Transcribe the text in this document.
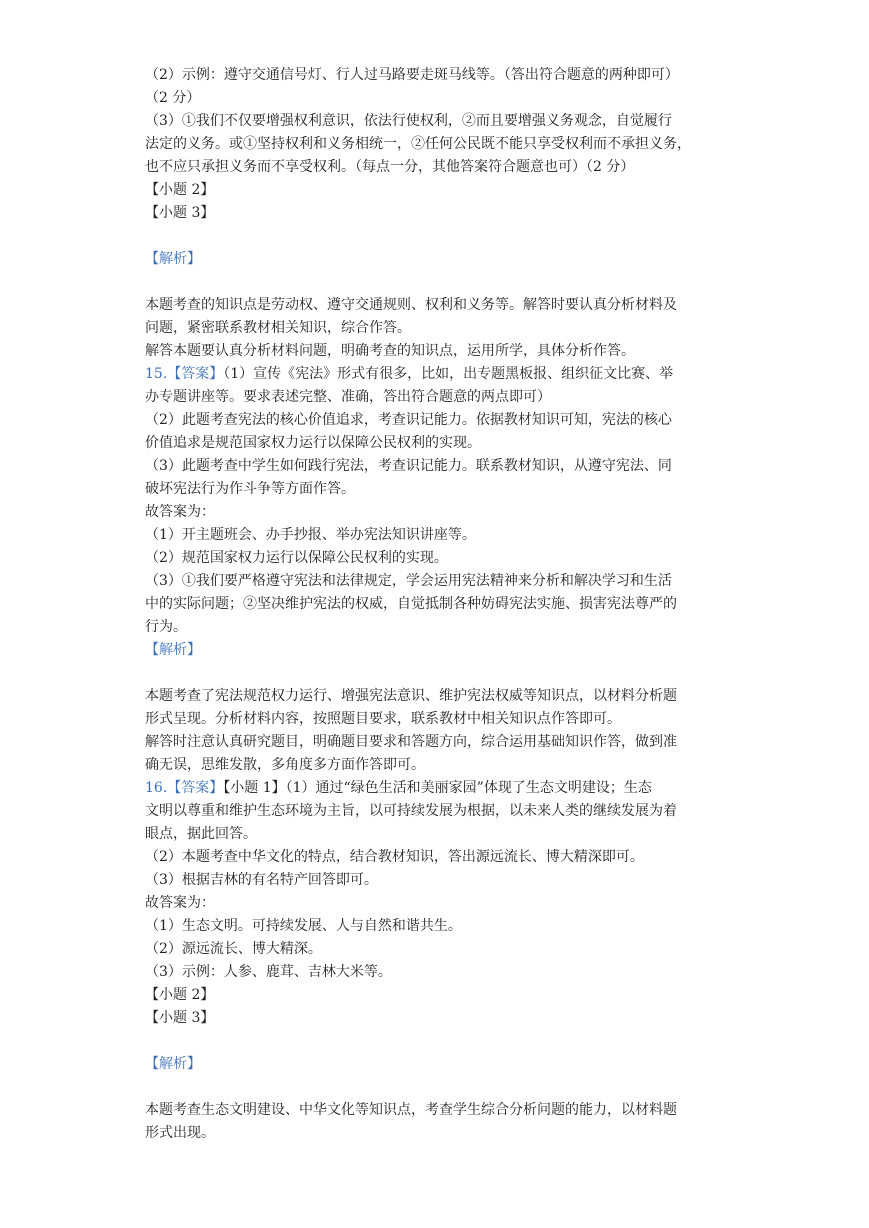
（2）示例：遵守交通信号灯、行人过马路要走斑马线等。（答出符合题意的两种即可）
（2 分）
（3）①我们不仅要增强权利意识，依法行使权利，②而且要增强义务观念，自觉履行
法定的义务。或①坚持权利和义务相统一，②任何公民既不能只享受权利而不承担义务，
也不应只承担义务而不享受权利。（每点一分，其他答案符合题意也可）（2 分）
【小题 2】
【小题 3】
【解析】
本题考查的知识点是劳动权、遵守交通规则、权利和义务等。解答时要认真分析材料及
问题，紧密联系教材相关知识，综合作答。
解答本题要认真分析材料问题，明确考查的知识点，运用所学，具体分析作答。
15.【答案】（1）宣传《宪法》形式有很多，比如，出专题黑板报、组织征文比赛、举
办专题讲座等。要求表述完整、准确，答出符合题意的两点即可）
（2）此题考查宪法的核心价值追求，考查识记能力。依据教材知识可知，宪法的核心
价值追求是规范国家权力运行以保障公民权利的实现。
（3）此题考查中学生如何践行宪法，考查识记能力。联系教材知识，从遵守宪法、同
破坏宪法行为作斗争等方面作答。
故答案为：
（1）开主题班会、办手抄报、举办宪法知识讲座等。
（2）规范国家权力运行以保障公民权利的实现。
（3）①我们要严格遵守宪法和法律规定，学会运用宪法精神来分析和解决学习和生活
中的实际问题；②坚决维护宪法的权威，自觉抵制各种妨碍宪法实施、损害宪法尊严的
行为。
【解析】
本题考查了宪法规范权力运行、增强宪法意识、维护宪法权威等知识点，以材料分析题
形式呈现。分析材料内容，按照题目要求，联系教材中相关知识点作答即可。
解答时注意认真研究题目，明确题目要求和答题方向，综合运用基础知识作答，做到准
确无误，思维发散，多角度多方面作答即可。
16.【答案】【小题 1】（1）通过“绿色生活和美丽家园”体现了生态文明建设；生态
文明以尊重和维护生态环境为主旨，以可持续发展为根据，以未来人类的继续发展为着
眼点，据此回答。
（2）本题考查中华文化的特点，结合教材知识，答出源远流长、博大精深即可。
（3）根据吉林的有名特产回答即可。
故答案为：
（1）生态文明。可持续发展、人与自然和谐共生。
（2）源远流长、博大精深。
（3）示例：人参、鹿茸、吉林大米等。
【小题 2】
【小题 3】
【解析】
本题考查生态文明建设、中华文化等知识点，考查学生综合分析问题的能力，以材料题
形式出现。
